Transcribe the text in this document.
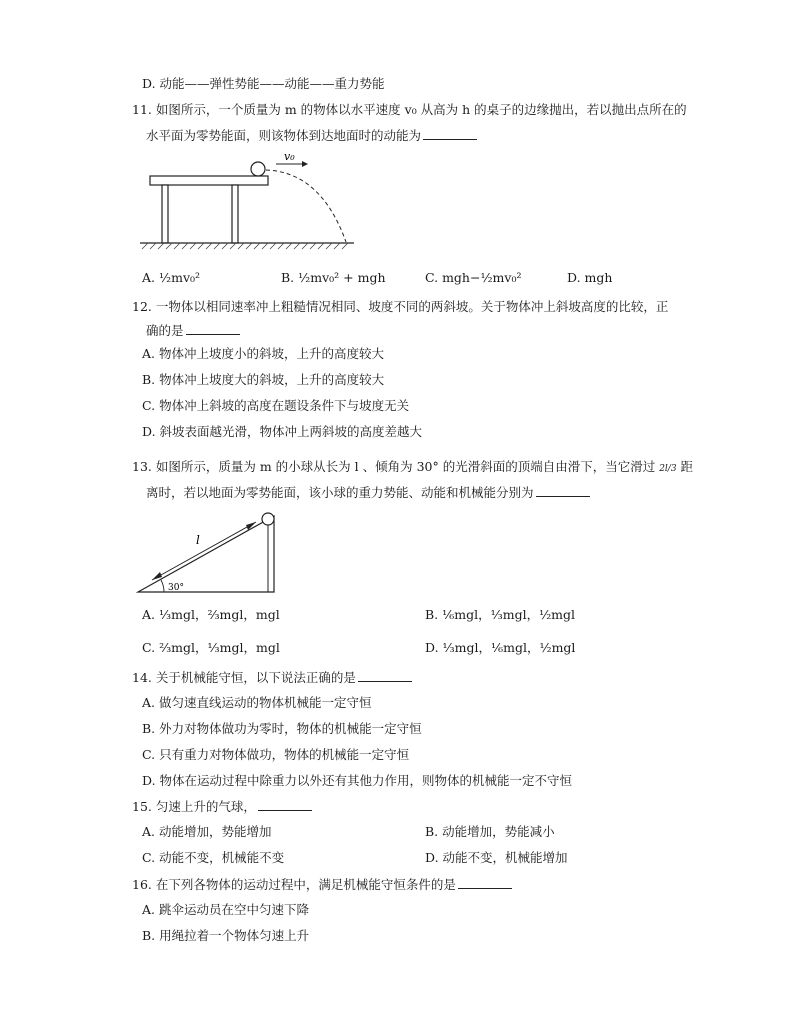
D. 动能——弹性势能——动能——重力势能
11. 如图所示，一个质量为 m 的物体以水平速度 v₀ 从高为 h 的桌子的边缘抛出，若以抛出点所在的
水平面为零势能面，则该物体到达地面时的动能为
v₀
A. ½mv₀²	B. ½mv₀² + mgh	C. mgh−½mv₀²	D. mgh
12. 一物体以相同速率冲上粗糙情况相同、坡度不同的两斜坡。关于物体冲上斜坡高度的比较，正
确的是
A. 物体冲上坡度小的斜坡，上升的高度较大
B. 物体冲上坡度大的斜坡，上升的高度较大
C. 物体冲上斜坡的高度在题设条件下与坡度无关
D. 斜坡表面越光滑，物体冲上两斜坡的高度差越大
13. 如图所示，质量为 m 的小球从长为 l 、倾角为 30° 的光滑斜面的顶端自由滑下，当它滑过 2l/3 距
离时，若以地面为零势能面，该小球的重力势能、动能和机械能分别为
l
30°
A. ⅓mgl，⅔mgl，mgl	B. ⅙mgl，⅓mgl，½mgl
C. ⅔mgl，⅓mgl，mgl	D. ⅓mgl，⅙mgl，½mgl
14. 关于机械能守恒，以下说法正确的是
A. 做匀速直线运动的物体机械能一定守恒
B. 外力对物体做功为零时，物体的机械能一定守恒
C. 只有重力对物体做功，物体的机械能一定守恒
D. 物体在运动过程中除重力以外还有其他力作用，则物体的机械能一定不守恒
15. 匀速上升的气球，
A. 动能增加，势能增加	B. 动能增加，势能减小
C. 动能不变，机械能不变	D. 动能不变，机械能增加
16. 在下列各物体的运动过程中，满足机械能守恒条件的是
A. 跳伞运动员在空中匀速下降
B. 用绳拉着一个物体匀速上升
